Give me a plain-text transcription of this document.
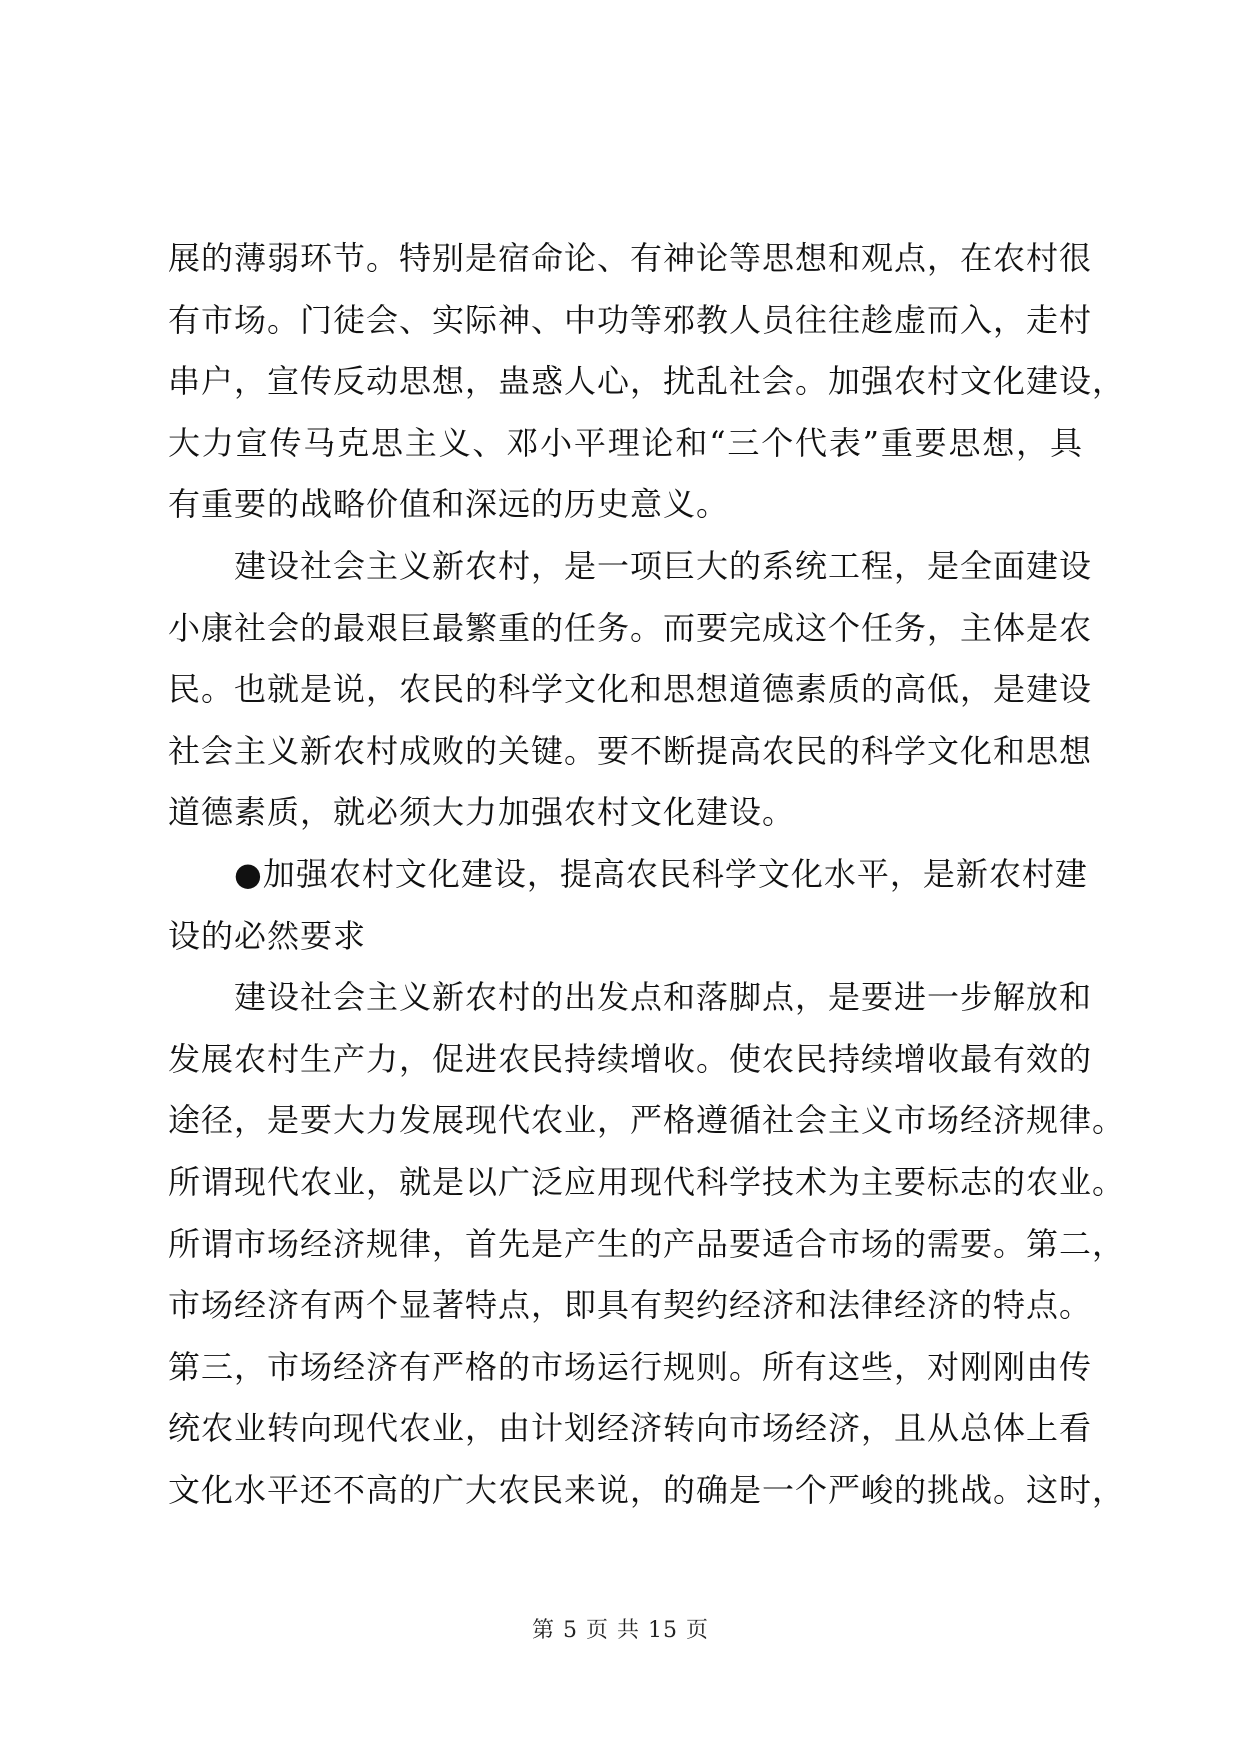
展的薄弱环节。特别是宿命论、有神论等思想和观点，在农村很
有市场。门徒会、实际神、中功等邪教人员往往趁虚而入，走村
串户，宣传反动思想，蛊惑人心，扰乱社会。加强农村文化建设，
大力宣传马克思主义、邓小平理论和“三个代表”重要思想，具
有重要的战略价值和深远的历史意义。
　　建设社会主义新农村，是一项巨大的系统工程，是全面建设
小康社会的最艰巨最繁重的任务。而要完成这个任务，主体是农
民。也就是说，农民的科学文化和思想道德素质的高低，是建设
社会主义新农村成败的关键。要不断提高农民的科学文化和思想
道德素质，就必须大力加强农村文化建设。
　　●加强农村文化建设，提高农民科学文化水平，是新农村建
设的必然要求
　　建设社会主义新农村的出发点和落脚点，是要进一步解放和
发展农村生产力，促进农民持续增收。使农民持续增收最有效的
途径，是要大力发展现代农业，严格遵循社会主义市场经济规律。
所谓现代农业，就是以广泛应用现代科学技术为主要标志的农业。
所谓市场经济规律，首先是产生的产品要适合市场的需要。第二，
市场经济有两个显著特点，即具有契约经济和法律经济的特点。
第三，市场经济有严格的市场运行规则。所有这些，对刚刚由传
统农业转向现代农业，由计划经济转向市场经济，且从总体上看
文化水平还不高的广大农民来说，的确是一个严峻的挑战。这时，
第 5 页 共 15 页
